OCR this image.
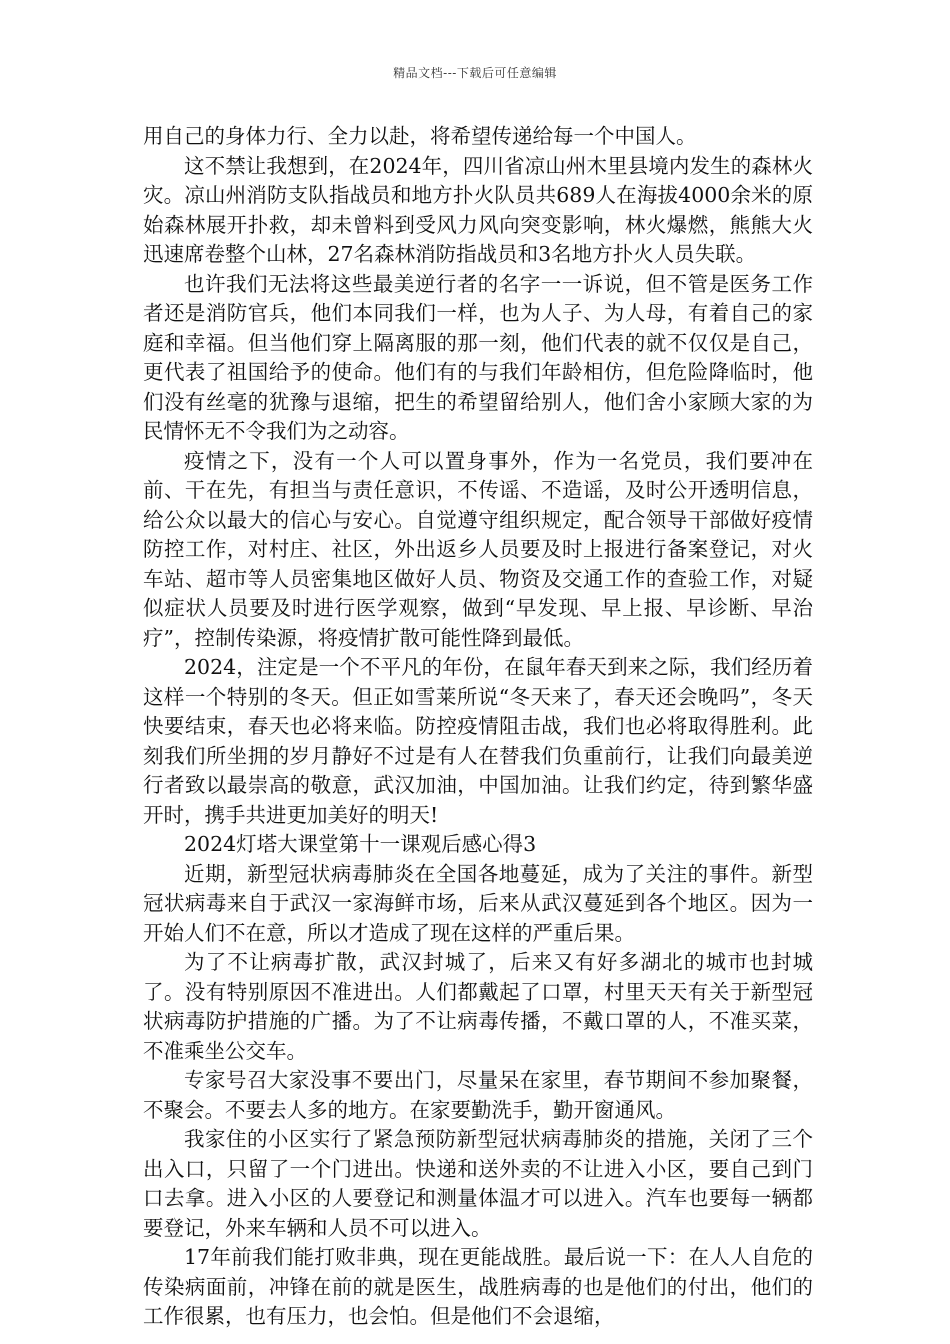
精品文档---下载后可任意编辑

用自己的身体力行、全力以赴，将希望传递给每一个中国人。

这不禁让我想到，在2024年，四川省凉山州木里县境内发生的森林火灾。凉山州消防支队指战员和地方扑火队员共689人在海拔4000余米的原始森林展开扑救，却未曾料到受风力风向突变影响，林火爆燃，熊熊大火迅速席卷整个山林，27名森林消防指战员和3名地方扑火人员失联。

也许我们无法将这些最美逆行者的名字一一诉说，但不管是医务工作者还是消防官兵，他们本同我们一样，也为人子、为人母，有着自己的家庭和幸福。但当他们穿上隔离服的那一刻，他们代表的就不仅仅是自己，更代表了祖国给予的使命。他们有的与我们年龄相仿，但危险降临时，他们没有丝毫的犹豫与退缩，把生的希望留给别人，他们舍小家顾大家的为民情怀无不令我们为之动容。

疫情之下，没有一个人可以置身事外，作为一名党员，我们要冲在前、干在先，有担当与责任意识，不传谣、不造谣，及时公开透明信息，给公众以最大的信心与安心。自觉遵守组织规定，配合领导干部做好疫情防控工作，对村庄、社区，外出返乡人员要及时上报进行备案登记，对火车站、超市等人员密集地区做好人员、物资及交通工作的查验工作，对疑似症状人员要及时进行医学观察，做到“早发现、早上报、早诊断、早治疗”，控制传染源，将疫情扩散可能性降到最低。

2024，注定是一个不平凡的年份，在鼠年春天到来之际，我们经历着这样一个特别的冬天。但正如雪莱所说“冬天来了，春天还会晚吗”，冬天快要结束，春天也必将来临。防控疫情阻击战，我们也必将取得胜利。此刻我们所坐拥的岁月静好不过是有人在替我们负重前行，让我们向最美逆行者致以最崇高的敬意，武汉加油，中国加油。让我们约定，待到繁华盛开时，携手共进更加美好的明天!

2024灯塔大课堂第十一课观后感心得3

近期，新型冠状病毒肺炎在全国各地蔓延，成为了关注的事件。新型冠状病毒来自于武汉一家海鲜市场，后来从武汉蔓延到各个地区。因为一开始人们不在意，所以才造成了现在这样的严重后果。

为了不让病毒扩散，武汉封城了，后来又有好多湖北的城市也封城了。没有特别原因不准进出。人们都戴起了口罩，村里天天有关于新型冠状病毒防护措施的广播。为了不让病毒传播，不戴口罩的人，不准买菜，不准乘坐公交车。

专家号召大家没事不要出门，尽量呆在家里，春节期间不参加聚餐，不聚会。不要去人多的地方。在家要勤洗手，勤开窗通风。

我家住的小区实行了紧急预防新型冠状病毒肺炎的措施，关闭了三个出入口，只留了一个门进出。快递和送外卖的不让进入小区，要自己到门口去拿。进入小区的人要登记和测量体温才可以进入。汽车也要每一辆都要登记，外来车辆和人员不可以进入。

17年前我们能打败非典，现在更能战胜。最后说一下：在人人自危的传染病面前，冲锋在前的就是医生，战胜病毒的也是他们的付出，他们的工作很累，也有压力，也会怕。但是他们不会退缩，
